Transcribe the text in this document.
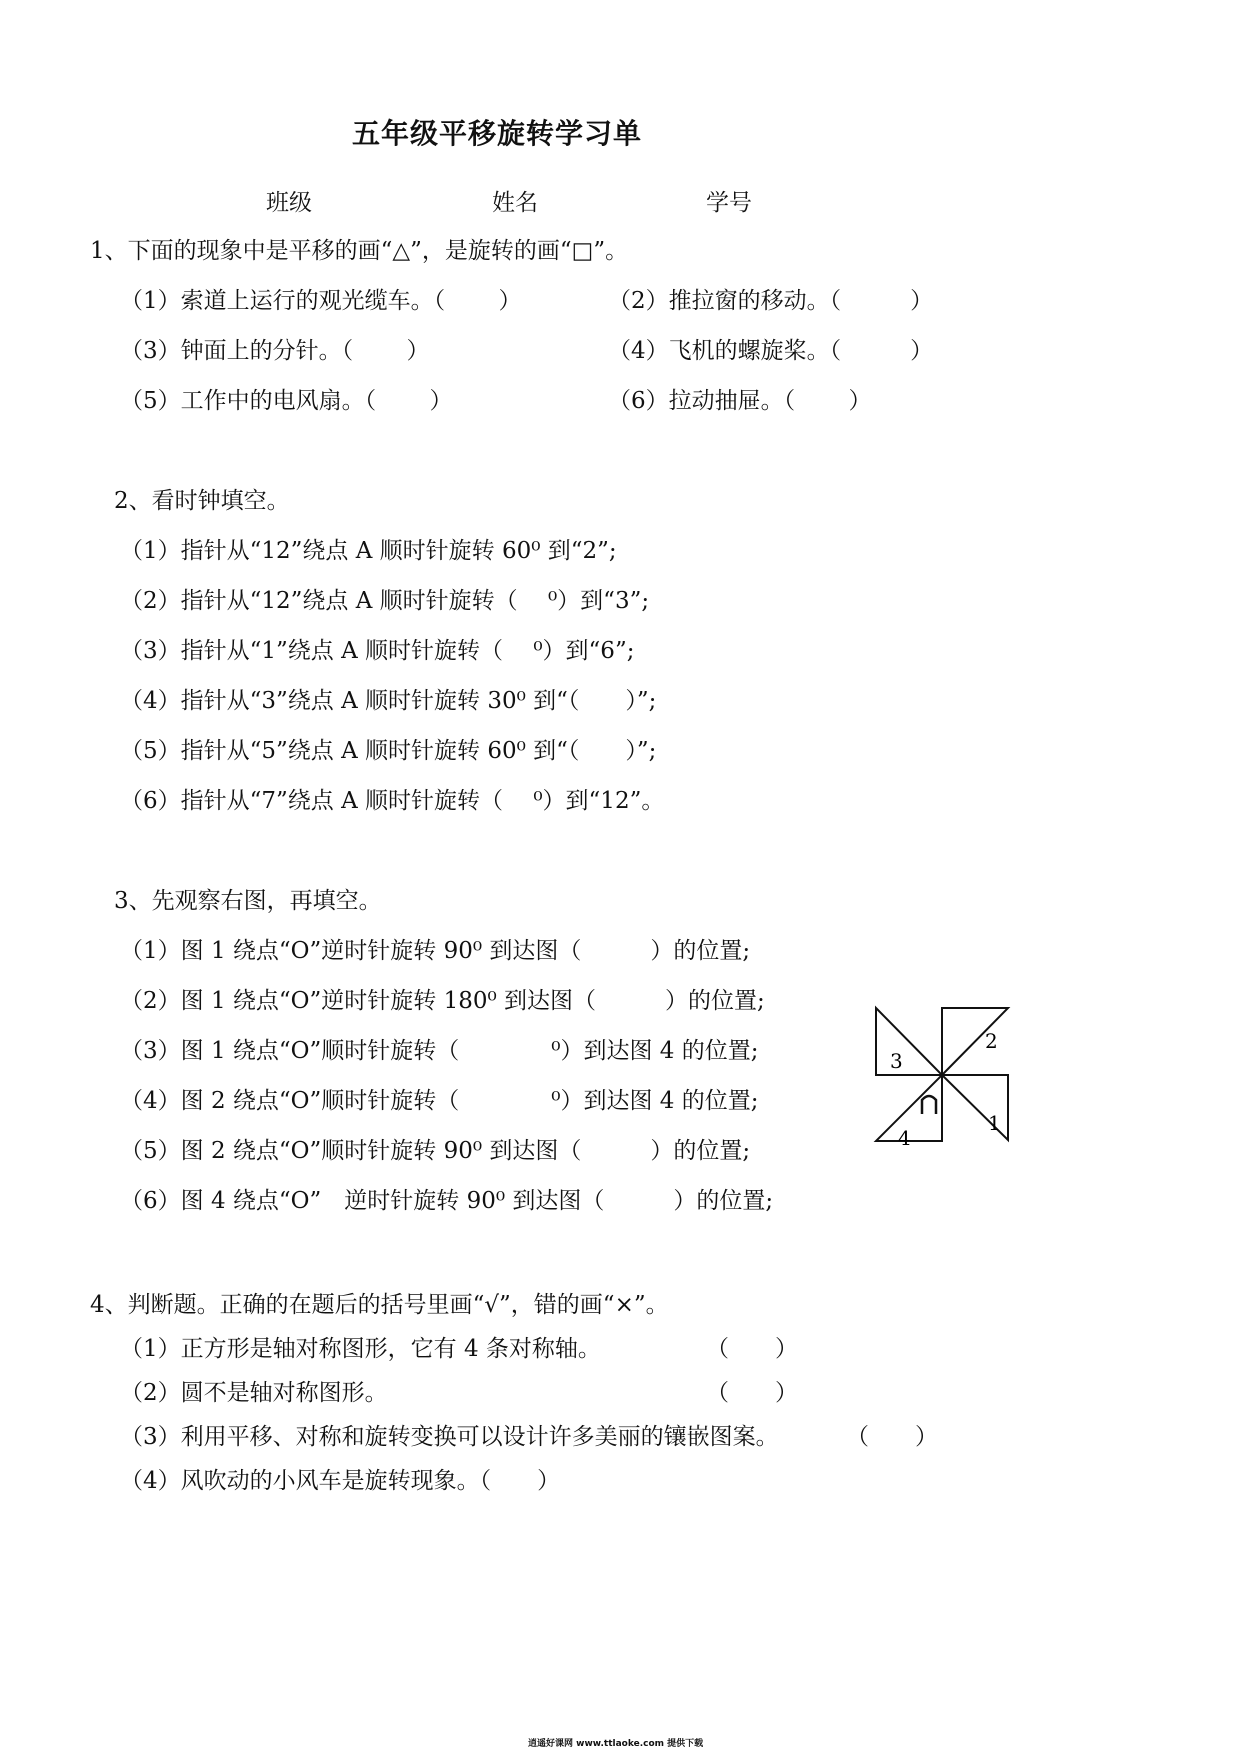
五年级平移旋转学习单
班级	姓名	学号
1、下面的现象中是平移的画“△”，是旋转的画“□”。
（1）索道上运行的观光缆车。（　　 ）	（2）推拉窗的移动。（　　　）
（3）钟面上的分针。（　　 ）	（4）飞机的螺旋桨。（　　　）
（5）工作中的电风扇。（　　 ）	（6）拉动抽屉。（　　 ）
2、看时钟填空。
（1）指针从“12”绕点 A 顺时针旋转 60⁰ 到“2”;
（2）指针从“12”绕点 A 顺时针旋转（　 ⁰）到“3”;
（3）指针从“1”绕点 A 顺时针旋转（　 ⁰）到“6”;
（4）指针从“3”绕点 A 顺时针旋转 30⁰ 到“（　　）”;
（5）指针从“5”绕点 A 顺时针旋转 60⁰ 到“（　　）”;
（6）指针从“7”绕点 A 顺时针旋转（　 ⁰）到“12”。
3、先观察右图，再填空。
（1）图 1 绕点“O”逆时针旋转 90⁰ 到达图（　　　）的位置;
（2）图 1 绕点“O”逆时针旋转 180⁰ 到达图（　　　）的位置;
（3）图 1 绕点“O”顺时针旋转（　　　　⁰）到达图 4 的位置;
（4）图 2 绕点“O”顺时针旋转（　　　　⁰）到达图 4 的位置;
（5）图 2 绕点“O”顺时针旋转 90⁰ 到达图（　　　）的位置;
（6）图 4 绕点“O”　逆时针旋转 90⁰ 到达图（　　　）的位置;
2
1
3
4
4、判断题。正确的在题后的括号里画“√”，错的画“×”。
（1）正方形是轴对称图形，它有 4 条对称轴。	（　　）
（2）圆不是轴对称图形。	（　　）
（3）利用平移、对称和旋转变换可以设计许多美丽的镶嵌图案。	（　　）
（4）风吹动的小风车是旋转现象。（　　）
逍遥好课网 www.ttlaoke.com 提供下载
